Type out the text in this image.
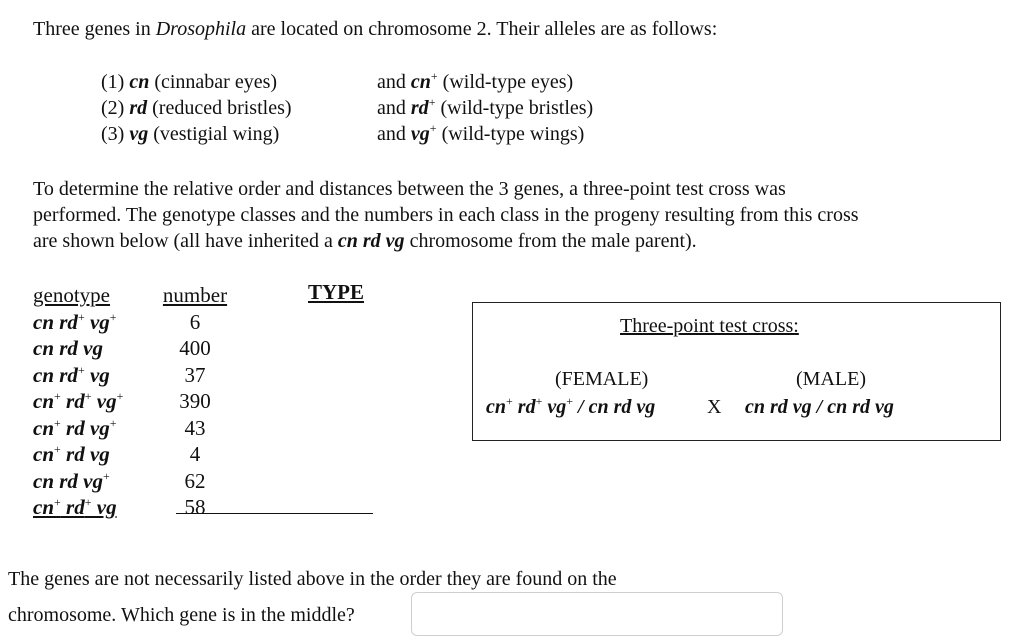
Three genes in Drosophila are located on chromosome 2. Their alleles are as follows:
(1) cn (cinnabar eyes)
(2) rd (reduced bristles)
(3) vg (vestigial wing)
and cn+ (wild-type eyes)
and rd+ (wild-type bristles)
and vg+ (wild-type wings)
To determine the relative order and distances between the 3 genes, a three-point test cross was
performed. The genotype classes and the numbers in each class in the progeny resulting from this cross
are shown below (all have inherited a cn rd vg chromosome from the male parent).
genotype
cn rd+ vg+
cn rd vg
cn rd+ vg
cn+ rd+ vg+
cn+ rd vg+
cn+ rd vg
cn rd vg+
cn+ rd+ vg
number
6
400
37
390
43
4
62
58
TYPE
Three-point test cross:
(FEMALE)	(MALE)
cn+ rd+ vg+ / cn rd vg	X cn rd vg / cn rd vg
The genes are not necessarily listed above in the order they are found on the
chromosome. Which gene is in the middle?
